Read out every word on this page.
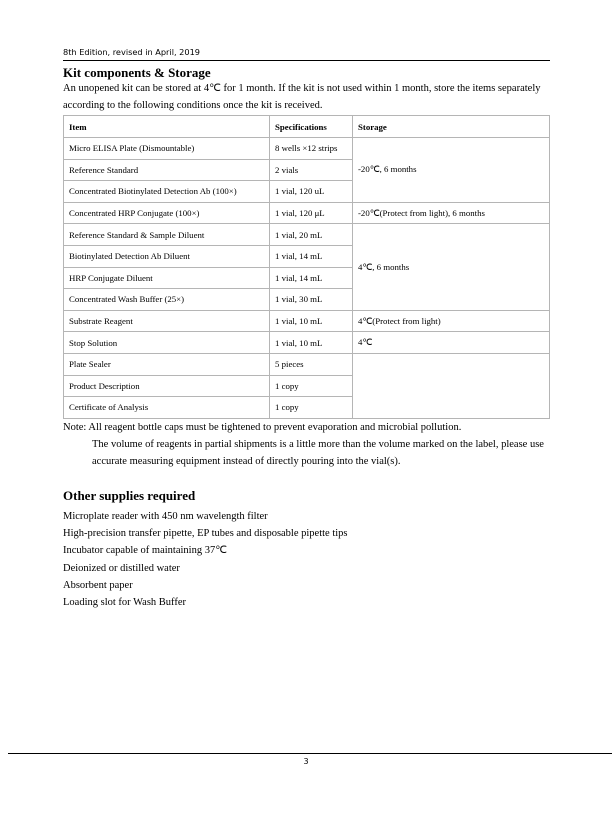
8th Edition, revised in April, 2019
Kit components & Storage
An unopened kit can be stored at 4℃ for 1 month. If the kit is not used within 1 month, store the items separately according to the following conditions once the kit is received.
Item	Specifications	Storage
Micro ELISA Plate (Dismountable)	8 wells ×12 strips	-20℃, 6 months
Reference Standard	2 vials	
Concentrated Biotinylated Detection Ab (100×)	1 vial, 120 uL	
Concentrated HRP Conjugate (100×)	1 vial, 120 μL	-20℃(Protect from light), 6 months
Reference Standard & Sample Diluent	1 vial, 20 mL	4℃, 6 months
Biotinylated Detection Ab Diluent	1 vial, 14 mL	
HRP Conjugate Diluent	1 vial, 14 mL	
Concentrated Wash Buffer (25×)	1 vial, 30 mL	
Substrate Reagent	1 vial, 10 mL	4℃(Protect from light)
Stop Solution	1 vial, 10 mL	4℃
Plate Sealer	5 pieces	
Product Description	1 copy	
Certificate of Analysis	1 copy	
Note: All reagent bottle caps must be tightened to prevent evaporation and microbial pollution.
The volume of reagents in partial shipments is a little more than the volume marked on the label, please use accurate measuring equipment instead of directly pouring into the vial(s).
Other supplies required
Microplate reader with 450 nm wavelength filter
High-precision transfer pipette, EP tubes and disposable pipette tips
Incubator capable of maintaining 37℃
Deionized or distilled water
Absorbent paper
Loading slot for Wash Buffer
3
